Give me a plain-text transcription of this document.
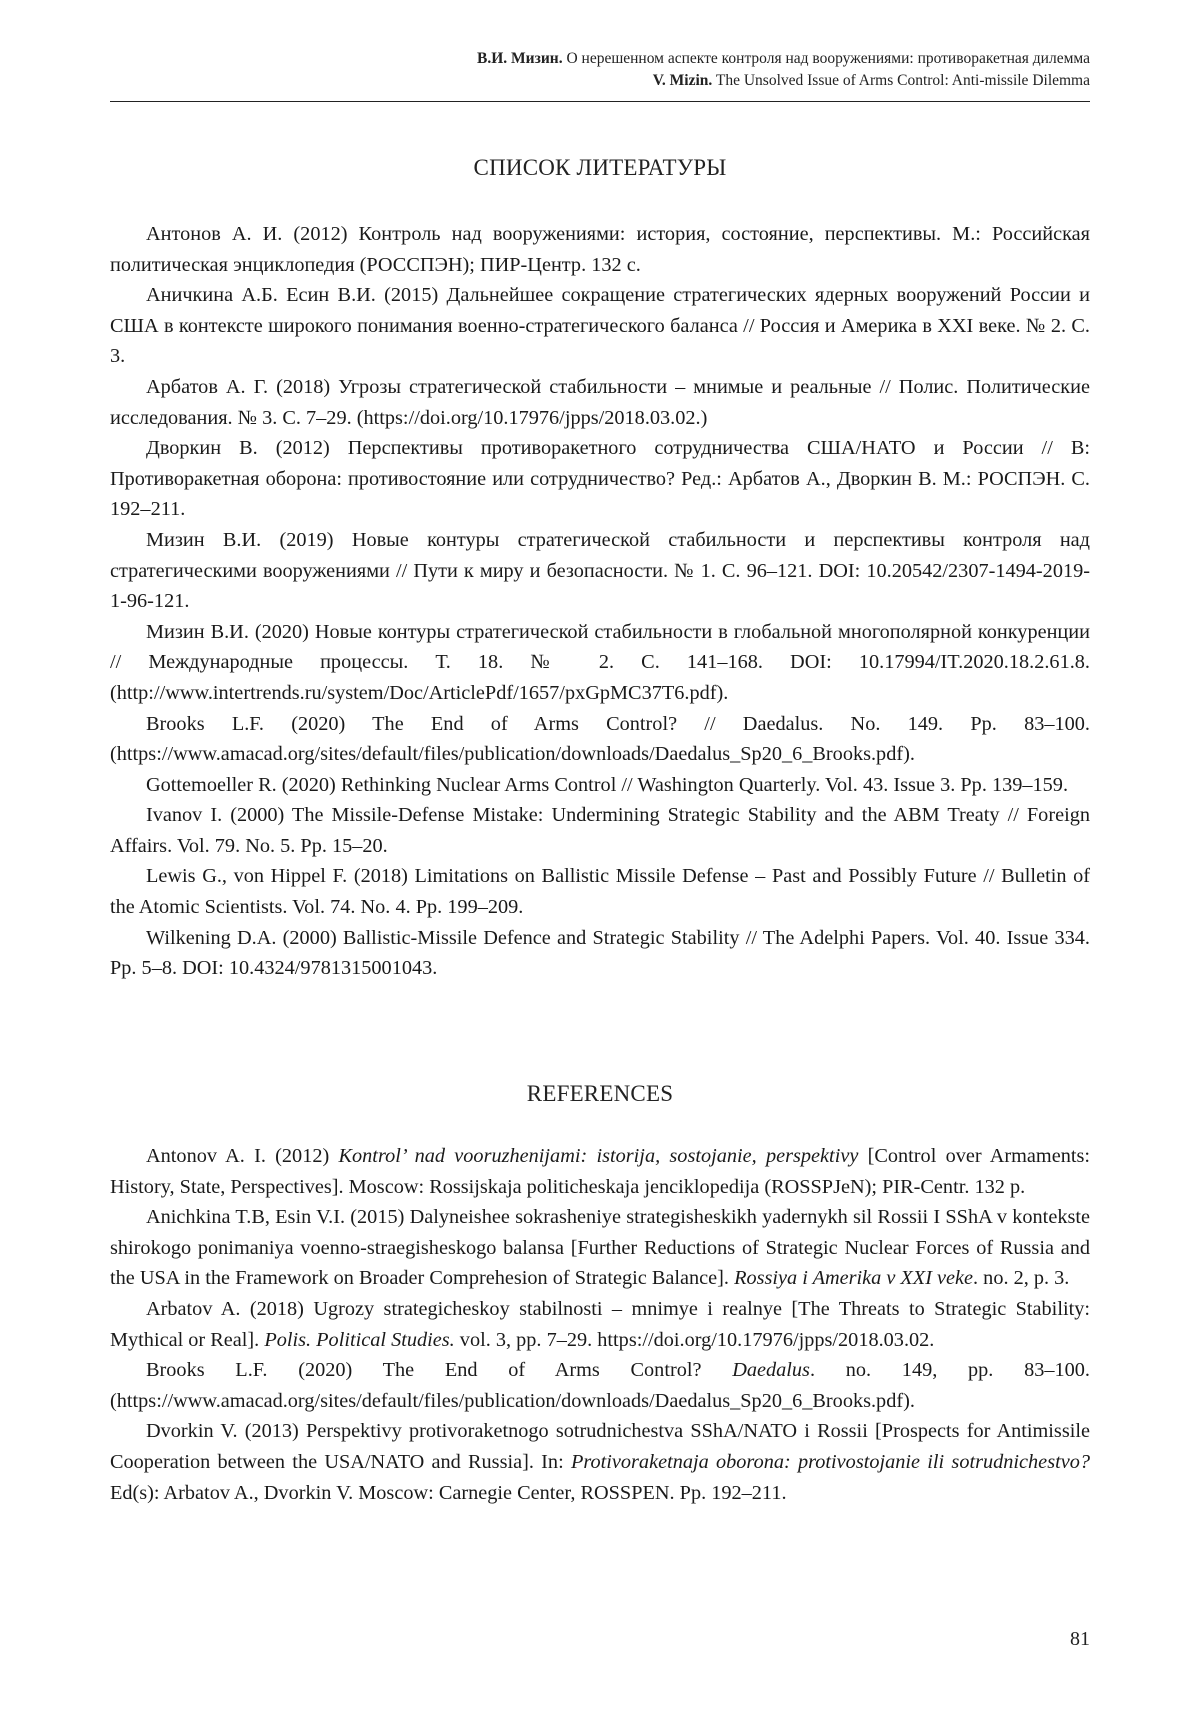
В.И. Мизин. О нерешенном аспекте контроля над вооружениями: противоракетная дилемма
V. Mizin. The Unsolved Issue of Arms Control: Anti-missile Dilemma
СПИСОК ЛИТЕРАТУРЫ

Антонов А. И. (2012) Контроль над вооружениями: история, состояние, перспективы. М.: Российская политическая энциклопедия (РОССПЭН); ПИР-Центр. 132 с.

Аничкина А.Б. Есин В.И. (2015) Дальнейшее сокращение стратегических ядерных вооружений России и США в контексте широкого понимания военно-стратегического баланса // Россия и Америка в XXI веке. № 2. С. 3.

Арбатов А. Г. (2018) Угрозы стратегической стабильности – мнимые и реальные // Полис. Политические исследования. № 3. С. 7–29. (https://doi.org/10.17976/jpps/2018.03.02.)

Дворкин В. (2012) Перспективы противоракетного сотрудничества США/НАТО и России // В: Противоракетная оборона: противостояние или сотрудничество? Ред.: Арбатов А., Дворкин В. М.: РОСПЭН. С. 192–211.

Мизин В.И. (2019) Новые контуры стратегической стабильности и перспективы контроля над стратегическими вооружениями // Пути к миру и безопасности. № 1. С. 96–121. DOI: 10.20542/2307-1494-2019-1-96-121.

Мизин В.И. (2020) Новые контуры стратегической стабильности в глобальной многополярной конкуренции // Международные процессы. Т. 18. № 2. С. 141–168. DOI: 10.17994/IT.2020.18.2.61.8. (http://www.intertrends.ru/system/Doc/ArticlePdf/1657/pxGpMC37T6.pdf).

Brooks L.F. (2020) The End of Arms Control? // Daedalus. No. 149. Pp. 83–100. (https://www.amacad.org/sites/default/files/publication/downloads/Daedalus_Sp20_6_Brooks.pdf).

Gottemoeller R. (2020) Rethinking Nuclear Arms Control // Washington Quarterly. Vol. 43. Issue 3. Pp. 139–159.

Ivanov I. (2000) The Missile-Defense Mistake: Undermining Strategic Stability and the ABM Treaty // Foreign Affairs. Vol. 79. No. 5. Pp. 15–20.

Lewis G., von Hippel F. (2018) Limitations on Ballistic Missile Defense – Past and Possibly Future // Bulletin of the Atomic Scientists. Vol. 74. No. 4. Pp. 199–209.

Wilkening D.A. (2000) Ballistic-Missile Defence and Strategic Stability // The Adelphi Papers. Vol. 40. Issue 334. Pp. 5–8. DOI: 10.4324/9781315001043.

REFERENCES

Antonov A. I. (2012) Kontrol’ nad vooruzhenijami: istorija, sostojanie, perspektivy [Control over Armaments: History, State, Perspectives]. Moscow: Rossijskaja politicheskaja jenciklopedija (ROSSPJeN); PIR-Centr. 132 p.

Anichkina T.B, Esin V.I. (2015) Dalyneishee sokrasheniye strategisheskikh yadernykh sil Rossii I SShA v kontekste shirokogo ponimaniya voenno-straegisheskogo balansa [Further Reductions of Strategic Nuclear Forces of Russia and the USA in the Framework on Broader Comprehesion of Strategic Balance]. Rossiya i Amerika v XXI veke. no. 2, p. 3.

Arbatov A. (2018) Ugrozy strategicheskoy stabilnosti – mnimye i realnye [The Threats to Strategic Stability: Mythical or Real]. Polis. Political Studies. vol. 3, pp. 7–29. https://doi.org/10.17976/jpps/2018.03.02.

Brooks L.F. (2020) The End of Arms Control? Daedalus. no. 149, pp. 83–100. (https://www.amacad.org/sites/default/files/publication/downloads/Daedalus_Sp20_6_Brooks.pdf).

Dvorkin V. (2013) Perspektivy protivoraketnogo sotrudnichestva SShA/NATO i Rossii [Prospects for Antimissile Cooperation between the USA/NATO and Russia]. In: Protivoraketnaja oborona: protivostojanie ili sotrudnichestvo? Ed(s): Arbatov A., Dvorkin V. Moscow: Carnegie Center, ROSSPEN. Pp. 192–211.

81
